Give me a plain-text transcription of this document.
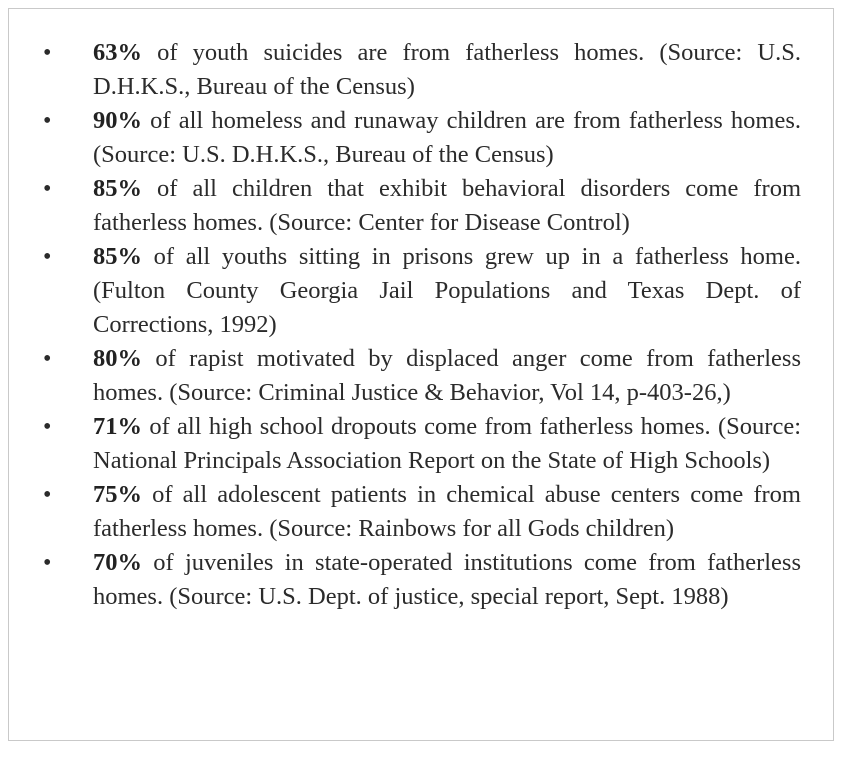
• 63% of youth suicides are from fatherless homes. (Source: U.S. D.H.K.S., Bureau of the Census)
• 90% of all homeless and runaway children are from fatherless homes. (Source: U.S. D.H.K.S., Bureau of the Census)
• 85% of all children that exhibit behavioral disorders come from fatherless homes. (Source: Center for Disease Control)
• 85% of all youths sitting in prisons grew up in a fatherless home. (Fulton County Georgia Jail Populations and Texas Dept. of Corrections, 1992)
• 80% of rapist motivated by displaced anger come from fatherless homes. (Source: Criminal Justice & Behavior, Vol 14, p-403-26,)
• 71% of all high school dropouts come from fatherless homes. (Source: National Principals Association Report on the State of High Schools)
• 75% of all adolescent patients in chemical abuse centers come from fatherless homes. (Source: Rainbows for all Gods children)
• 70% of juveniles in state-operated institutions come from fatherless homes. (Source: U.S. Dept. of justice, special report, Sept. 1988)
